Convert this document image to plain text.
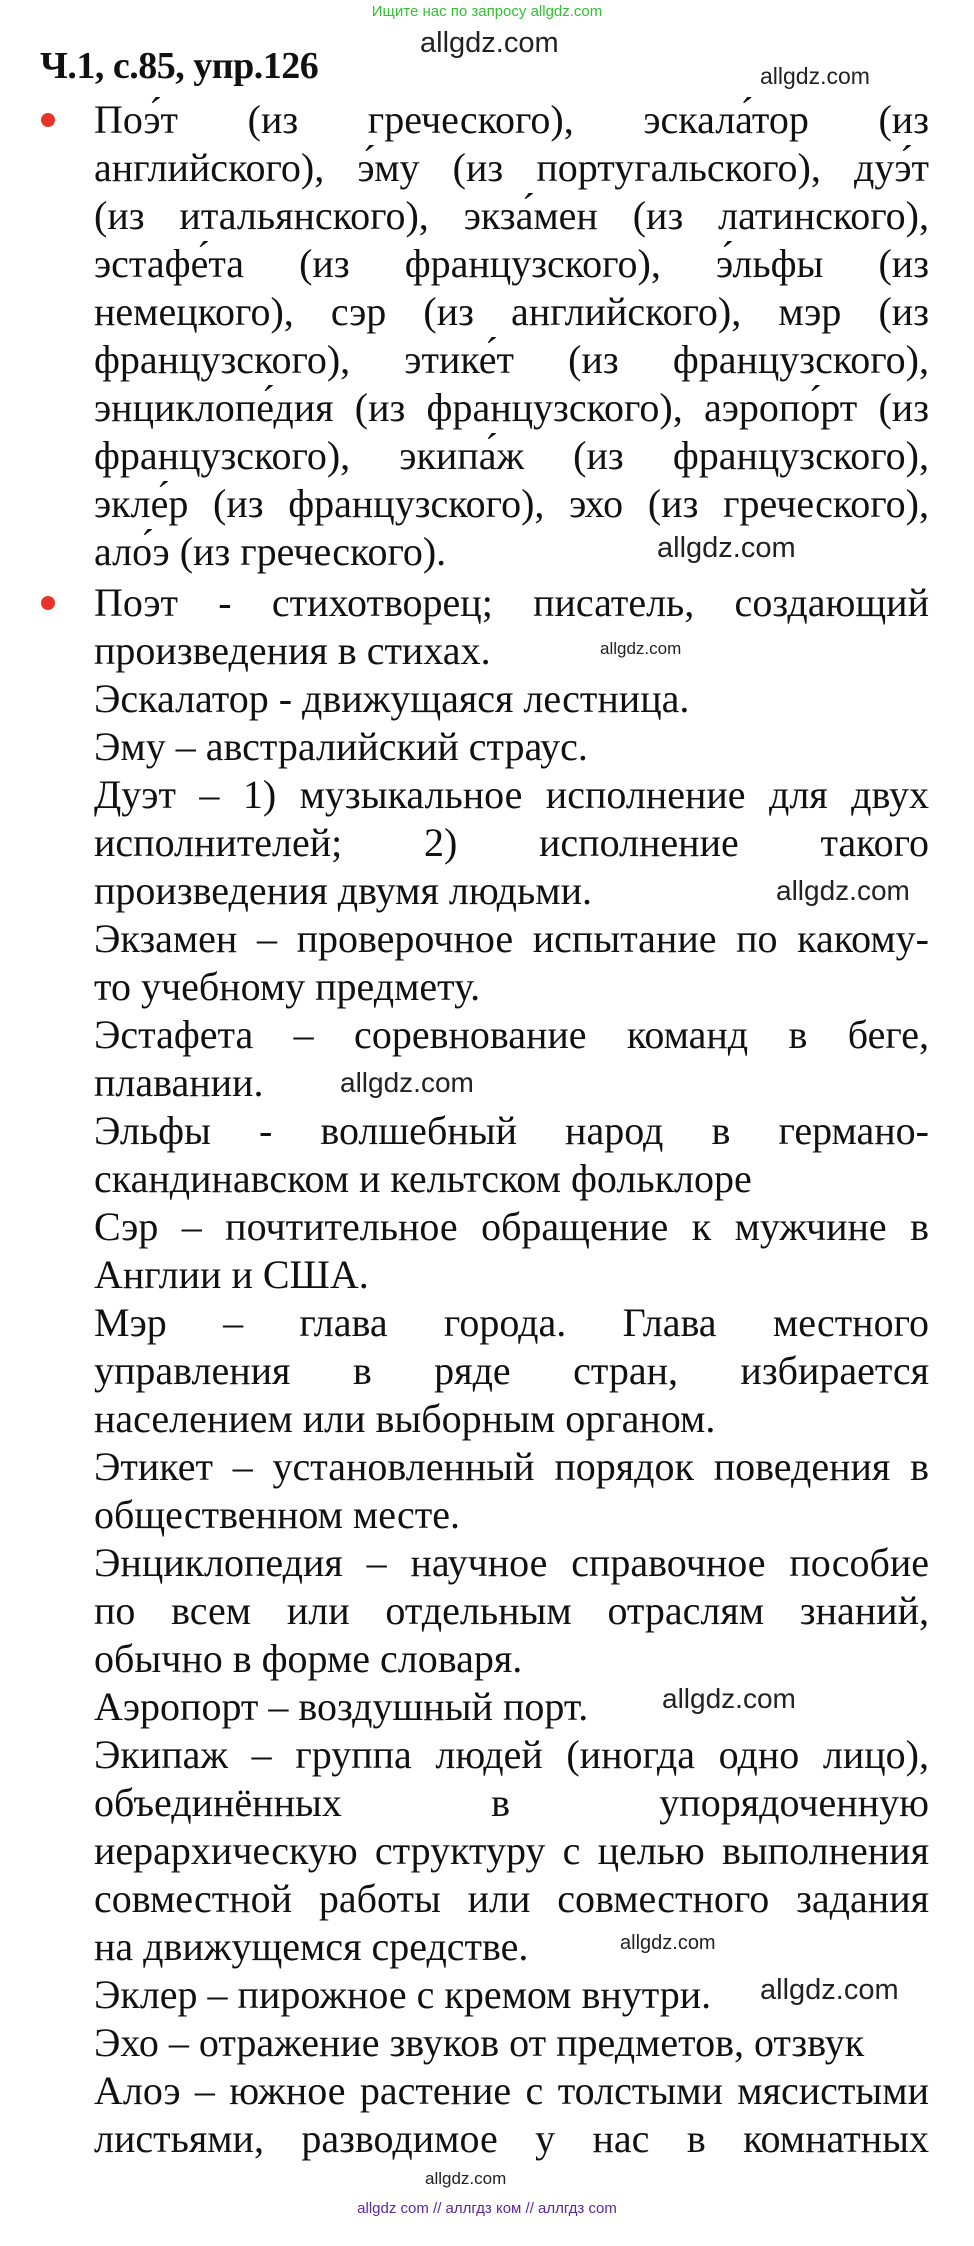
Ищите нас по запросу allgdz.com
Ч.1, с.85, упр.126
Поэ́т (из греческого), эскала́тор (из
английского), э́му (из португальского), дуэ́т
(из итальянского), экза́мен (из латинского),
эстафе́та (из французского), э́льфы (из
немецкого), сэр (из английского), мэр (из
французского), этике́т (из французского),
энциклопе́дия (из французского), аэропо́рт (из
французского), экипа́ж (из французского),
экле́р (из французского), эхо (из греческого),
ало́э (из греческого).
Поэт - стихотворец; писатель, создающий
произведения в стихах.
Эскалатор - движущаяся лестница.
Эму – австралийский страус.
Дуэт – 1) музыкальное исполнение для двух
исполнителей; 2) исполнение такого
произведения двумя людьми.
Экзамен – проверочное испытание по какому-
то учебному предмету.
Эстафета – соревнование команд в беге,
плавании.
Эльфы - волшебный народ в германо-
скандинавском и кельтском фольклоре
Сэр – почтительное обращение к мужчине в
Англии и США.
Мэр – глава города. Глава местного
управления в ряде стран, избирается
населением или выборным органом.
Этикет – установленный порядок поведения в
общественном месте.
Энциклопедия – научное справочное пособие
по всем или отдельным отраслям знаний,
обычно в форме словаря.
Аэропорт – воздушный порт.
Экипаж – группа людей (иногда одно лицо),
объединённых в упорядоченную
иерархическую структуру с целью выполнения
совместной работы или совместного задания
на движущемся средстве.
Эклер – пирожное с кремом внутри.
Эхо – отражение звуков от предметов, отзвук
Алоэ – южное растение с толстыми мясистыми
листьями, разводимое у нас в комнатных
allgdz.com
allgdz.com
allgdz.com
allgdz.com
allgdz.com
allgdz.com
allgdz.com
allgdz.com
allgdz.com
allgdz.com
allgdz com // аллгдз ком // аллгдз com
